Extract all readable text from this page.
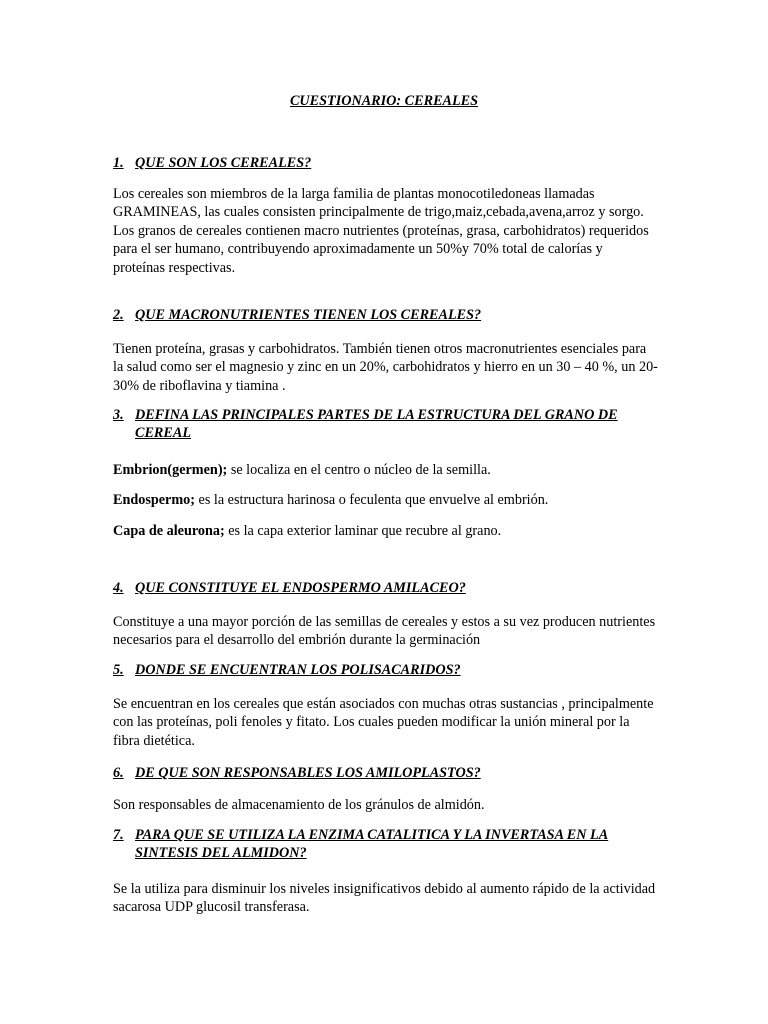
CUESTIONARIO: CEREALES
1. QUE SON LOS CEREALES?
Los cereales son miembros de la larga familia de plantas monocotiledoneas llamadas GRAMINEAS, las cuales consisten principalmente de trigo,maiz,cebada,avena,arroz y sorgo. Los granos de cereales contienen macro nutrientes (proteínas, grasa, carbohidratos) requeridos para el ser humano, contribuyendo aproximadamente un 50%y 70% total de calorías y proteínas respectivas.
2. QUE MACRONUTRIENTES TIENEN LOS CEREALES?
Tienen proteína, grasas y carbohidratos. También tienen otros macronutrientes esenciales para la salud como ser el magnesio y zinc en un 20%, carbohidratos y hierro en un 30 – 40 %, un 20-30% de riboflavina y tiamina .
3. DEFINA LAS PRINCIPALES PARTES DE LA ESTRUCTURA DEL GRANO DE CEREAL
Embrion(germen); se localiza en el centro o núcleo de la semilla.
Endospermo; es la estructura harinosa o feculenta que envuelve al embrión.
Capa de aleurona; es la capa exterior laminar que recubre al grano.
4. QUE CONSTITUYE EL ENDOSPERMO AMILACEO?
Constituye a una mayor porción de las semillas de cereales y estos a su vez producen nutrientes necesarios para el desarrollo del embrión durante la germinación
5. DONDE SE ENCUENTRAN LOS POLISACARIDOS?
Se encuentran en los cereales que están asociados con muchas otras sustancias , principalmente con las proteínas, poli fenoles y fitato. Los cuales pueden modificar la unión mineral por la fibra dietética.
6. DE QUE SON RESPONSABLES LOS AMILOPLASTOS?
Son responsables de almacenamiento de los gránulos de almidón.
7. PARA QUE SE UTILIZA LA ENZIMA CATALITICA Y LA INVERTASA EN LA SINTESIS DEL ALMIDON?
Se la utiliza para disminuir los niveles insignificativos debido al aumento rápido de la actividad sacarosa UDP glucosil transferasa.
